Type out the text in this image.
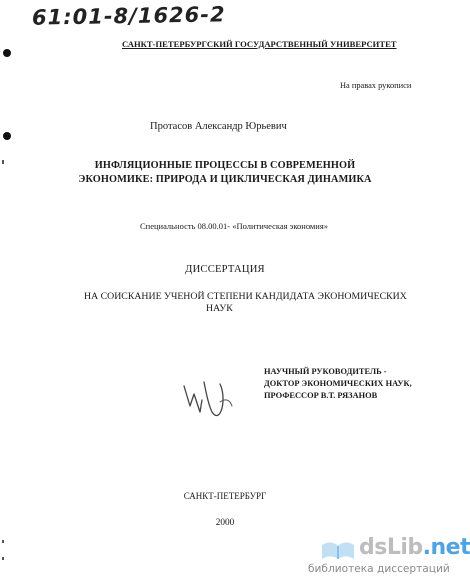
61:01-8/1626-2
САНКТ-ПЕТЕРБУРГСКИЙ ГОСУДАРСТВЕННЫЙ УНИВЕРСИТЕТ
На правах рукописи
Протасов Александр Юрьевич
ИНФЛЯЦИОННЫЕ ПРОЦЕССЫ В СОВРЕМЕННОЙ
ЭКОНОМИКЕ: ПРИРОДА И ЦИКЛИЧЕСКАЯ ДИНАМИКА
Специальность 08.00.01- «Политическая экономия»
ДИССЕРТАЦИЯ
НА СОИСКАНИЕ УЧЕНОЙ СТЕПЕНИ КАНДИДАТА ЭКОНОМИЧЕСКИХ
НАУК
НАУЧНЫЙ РУКОВОДИТЕЛЬ -
ДОКТОР ЭКОНОМИЧЕСКИХ НАУК,
ПРОФЕССОР В.Т. РЯЗАНОВ
САНКТ-ПЕТЕРБУРГ
2000
dsLib.net
библиотека диссертаций
